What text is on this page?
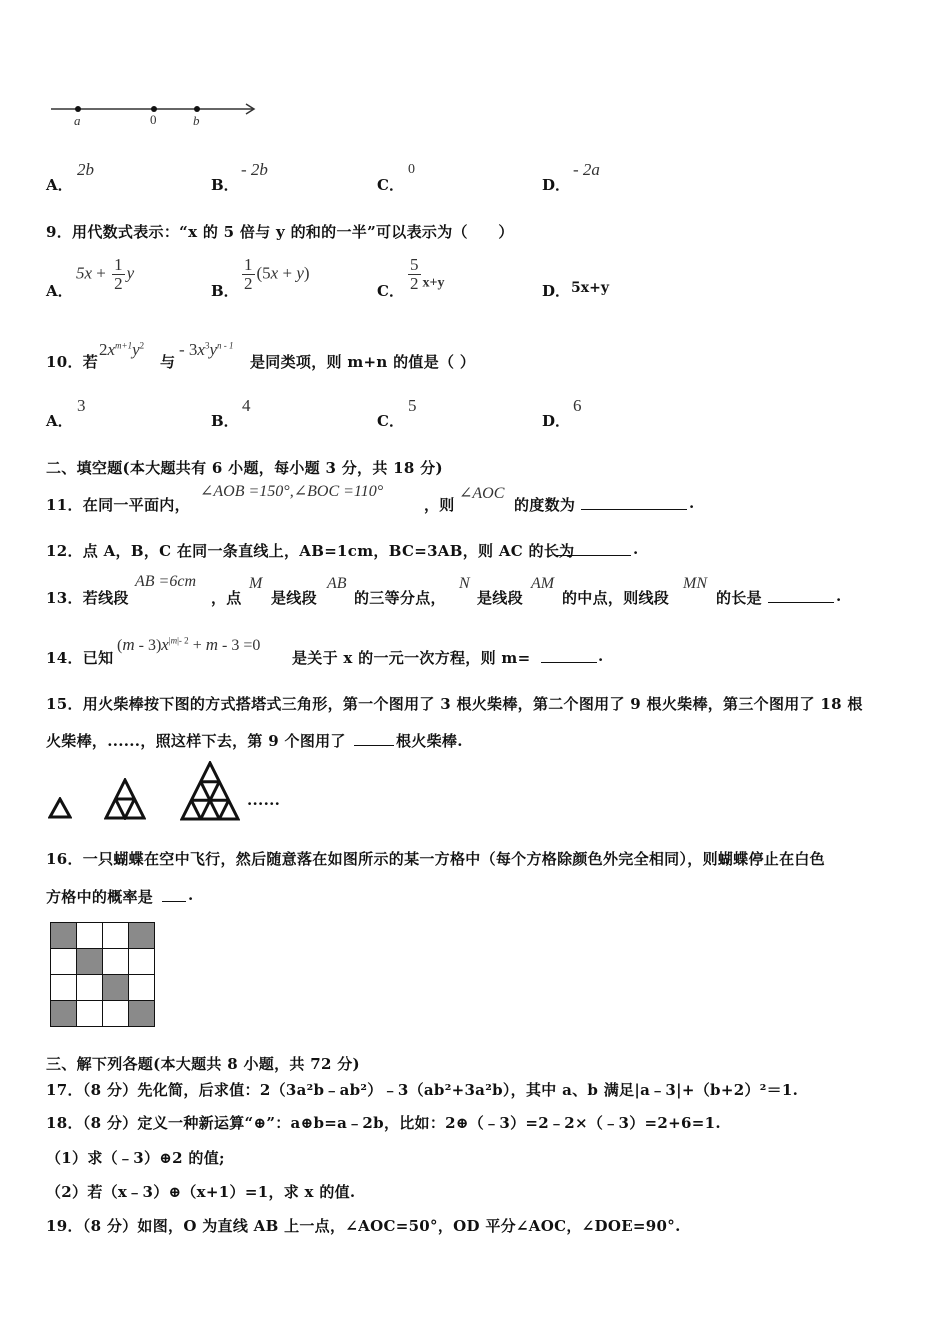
a	0	b
A．
2b
B．
- 2b
C．
0
D．
- 2a
9．用代数式表示：“x 的 5 倍与 y 的和的一半”可以表示为（　　）
A．
$5x + \frac{1}{2}$ y
B． $\frac{1}{2} (5x + y)$
C． $\frac{5}{2} _{x+y}$	D． 5x+y
10．若
$2x^{m+1}y^2$
与
- $3x^3y^{n - 1}$
是同类项，则 m+n 的值是（ ）
A．
3
B．
4
C．
5
D．
6
二、填空题(本大题共有 6 小题，每小题 3 分，共 18 分)
11．在同一平面内，
∠AOB =150°,∠BOC =110°
，则
∠AOC
的度数为	.
12．点 A，B，C 在同一条直线上，AB=1cm，BC=3AB，则 AC 的长为	.
13．若线段
AB =6cm
，点
M
是线段
AB
的三等分点，
N
是线段
AM
的中点，则线段
MN
的长是	.
14．已知
$(m - 3)x^{|m|- 2} + m - 3 =0$
是关于 x 的一元一次方程，则 m=	.
15．用火柴棒按下图的方式搭塔式三角形，第一个图用了 3 根火柴棒，第二个图用了 9 根火柴棒，第三个图用了 18 根
火柴棒，......，照这样下去，第 9 个图用了	根火柴棒.
......
16．一只蝴蝶在空中飞行，然后随意落在如图所示的某一方格中（每个方格除颜色外完全相同），则蝴蝶停止在白色
方格中的概率是 .

三、解下列各题(本大题共 8 小题，共 72 分)
17．（8 分）先化简，后求值：2（3a²b﹣ab²）﹣3（ab²+3a²b），其中 a、b 满足|a﹣3|+（b+2）²＝1.
18．（8 分）定义一种新运算“⊕”：a⊕b=a﹣2b，比如：2⊕（﹣3）=2﹣2×（﹣3）=2+6=1.
（1）求（﹣3）⊕2 的值;
（2）若（x﹣3）⊕（x+1）=1，求 x 的值.
19．（8 分）如图，O 为直线 AB 上一点，∠AOC=50°，OD 平分∠AOC，∠DOE=90°.
